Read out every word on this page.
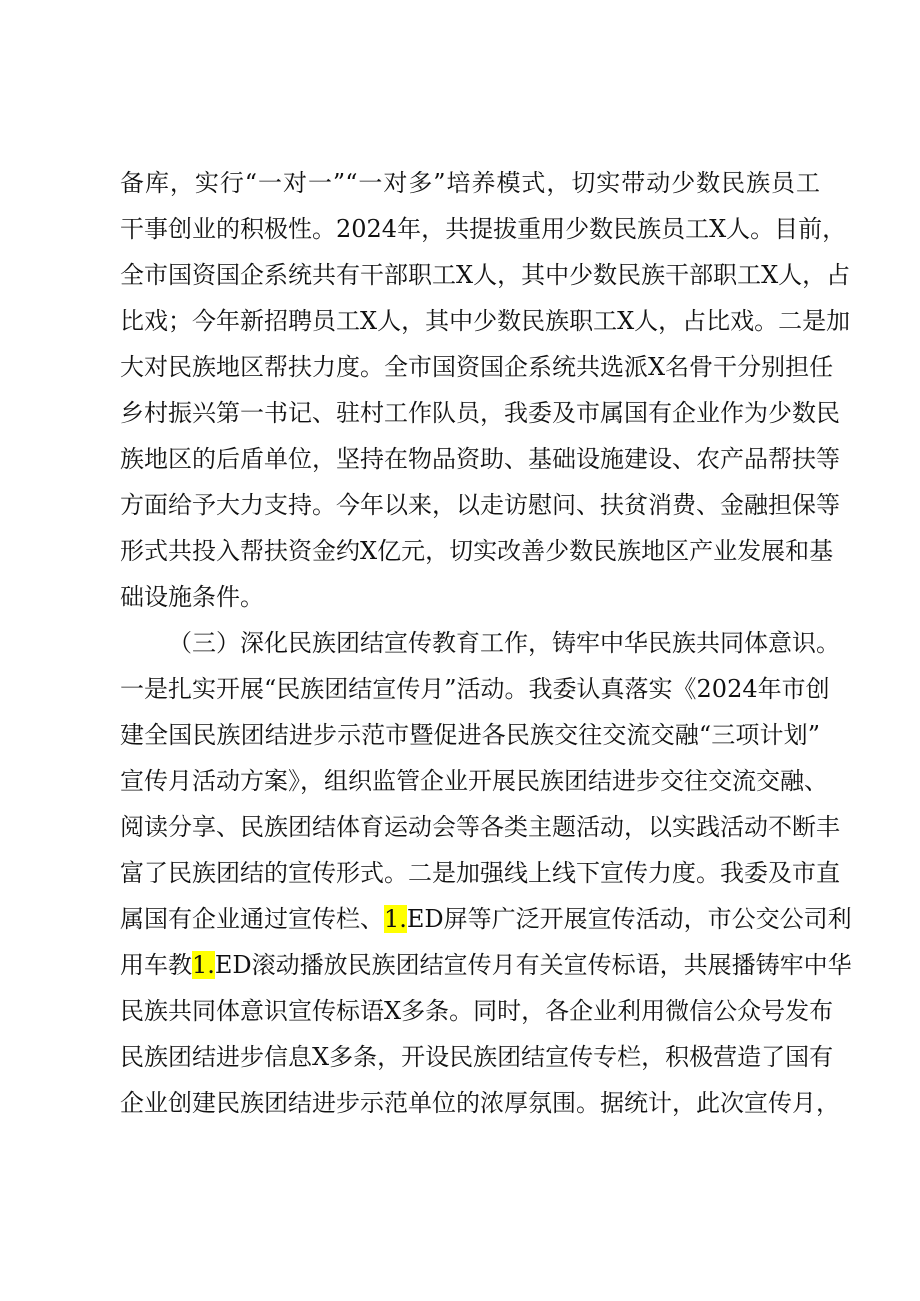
备库，实行“一对一”“一对多”培养模式，切实带动少数民族员工
干事创业的积极性。2024年，共提拔重用少数民族员工X人。目前，
全市国资国企系统共有干部职工X人，其中少数民族干部职工X人，占
比戏；今年新招聘员工X人，其中少数民族职工X人，占比戏。二是加
大对民族地区帮扶力度。全市国资国企系统共选派X名骨干分别担任
乡村振兴第一书记、驻村工作队员，我委及市属国有企业作为少数民
族地区的后盾单位，坚持在物品资助、基础设施建设、农产品帮扶等
方面给予大力支持。今年以来，以走访慰问、扶贫消费、金融担保等
形式共投入帮扶资金约X亿元，切实改善少数民族地区产业发展和基
础设施条件。
（三）深化民族团结宣传教育工作，铸牢中华民族共同体意识。
一是扎实开展“民族团结宣传月”活动。我委认真落实《2024年市创
建全国民族团结进步示范市暨促进各民族交往交流交融“三项计划”
宣传月活动方案》，组织监管企业开展民族团结进步交往交流交融、
阅读分享、民族团结体育运动会等各类主题活动，以实践活动不断丰
富了民族团结的宣传形式。二是加强线上线下宣传力度。我委及市直
属国有企业通过宣传栏、1.ED屏等广泛开展宣传活动，市公交公司利
用车教1.ED滚动播放民族团结宣传月有关宣传标语，共展播铸牢中华
民族共同体意识宣传标语X多条。同时，各企业利用微信公众号发布
民族团结进步信息X多条，开设民族团结宣传专栏，积极营造了国有
企业创建民族团结进步示范单位的浓厚氛围。据统计，此次宣传月，
